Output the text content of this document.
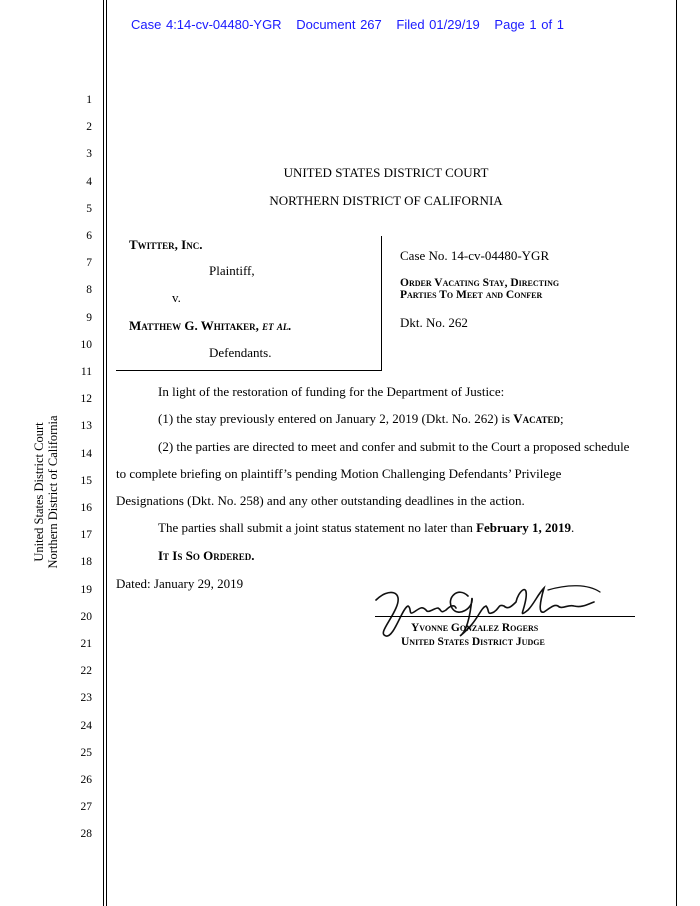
Case 4:14-cv-04480-YGR Document 267 Filed 01/29/19 Page 1 of 1
1
2
3
4
5
6
7
8
9
10
11
12
13
14
15
16
17
18
19
20
21
22
23
24
25
26
27
28
United States District Court Northern District of California
UNITED STATES DISTRICT COURT
NORTHERN DISTRICT OF CALIFORNIA
Twitter, Inc.
Plaintiff,
v.
Matthew G. Whitaker, et al.
Defendants.
Case No. 14-cv-04480-YGR
Order Vacating Stay, Directing
Parties To Meet and Confer
Dkt. No. 262
In light of the restoration of funding for the Department of Justice:
(1) the stay previously entered on January 2, 2019 (Dkt. No. 262) is Vacated;
(2) the parties are directed to meet and confer and submit to the Court a proposed schedule
to complete briefing on plaintiff’s pending Motion Challenging Defendants’ Privilege
Designations (Dkt. No. 258) and any other outstanding deadlines in the action.
The parties shall submit a joint status statement no later than February 1, 2019.
It Is So Ordered.
Dated: January 29, 2019
Yvonne Gonzalez Rogers
United States District Judge
